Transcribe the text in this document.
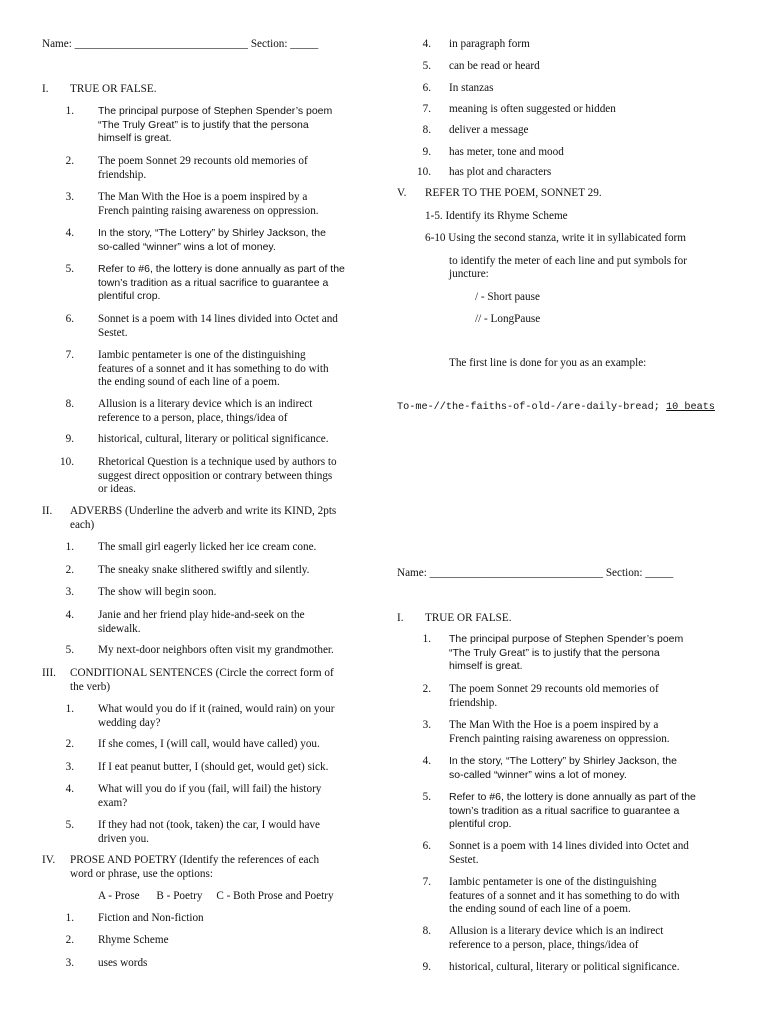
Name: _______________________________ Section: _____
I. TRUE OR FALSE.
1. The principal purpose of Stephen Spender’s poem
“The Truly Great” is to justify that the persona
himself is great.
2. The poem Sonnet 29 recounts old memories of
friendship.
3. The Man With the Hoe is a poem inspired by a
French painting raising awareness on oppression.
4. In the story, “The Lottery” by Shirley Jackson, the
so-called “winner” wins a lot of money.
5. Refer to #6, the lottery is done annually as part of the
town’s tradition as a ritual sacrifice to guarantee a
plentiful crop.
6. Sonnet is a poem with 14 lines divided into Octet and
Sestet.
7. Iambic pentameter is one of the distinguishing
features of a sonnet and it has something to do with
the ending sound of each line of a poem.
8. Allusion is a literary device which is an indirect
reference to a person, place, things/idea of
9. historical, cultural, literary or political significance.
10. Rhetorical Question is a technique used by authors to
suggest direct opposition or contrary between things
or ideas.
II. ADVERBS (Underline the adverb and write its KIND, 2pts
each)
1. The small girl eagerly licked her ice cream cone.
2. The sneaky snake slithered swiftly and silently.
3. The show will begin soon.
4. Janie and her friend play hide-and-seek on the
sidewalk.
5. My next-door neighbors often visit my grandmother.
III. CONDITIONAL SENTENCES (Circle the correct form of
the verb)
1. What would you do if it (rained, would rain) on your
wedding day?
2. If she comes, I (will call, would have called) you.
3. If I eat peanut butter, I (should get, would get) sick.
4. What will you do if you (fail, will fail) the history
exam?
5. If they had not (took, taken) the car, I would have
driven you.
IV. PROSE AND POETRY (Identify the references of each
word or phrase, use the options:
A - Prose      B - Poetry     C - Both Prose and Poetry
1. Fiction and Non-fiction
2. Rhyme Scheme
3. uses words
4. in paragraph form
5. can be read or heard
6. In stanzas
7. meaning is often suggested or hidden
8. deliver a message
9. has meter, tone and mood
10. has plot and characters
V. REFER TO THE POEM, SONNET 29.
1-5. Identify its Rhyme Scheme
6-10 Using the second stanza, write it in syllabicated form
to identify the meter of each line and put symbols for
juncture:
/ - Short pause
// - LongPause
The first line is done for you as an example:
To-me-//the-faiths-of-old-/are-daily-bread; 10 beats
Name: _______________________________ Section: _____
I. TRUE OR FALSE.
1. The principal purpose of Stephen Spender’s poem
“The Truly Great” is to justify that the persona
himself is great.
2. The poem Sonnet 29 recounts old memories of
friendship.
3. The Man With the Hoe is a poem inspired by a
French painting raising awareness on oppression.
4. In the story, “The Lottery” by Shirley Jackson, the
so-called “winner” wins a lot of money.
5. Refer to #6, the lottery is done annually as part of the
town’s tradition as a ritual sacrifice to guarantee a
plentiful crop.
6. Sonnet is a poem with 14 lines divided into Octet and
Sestet.
7. Iambic pentameter is one of the distinguishing
features of a sonnet and it has something to do with
the ending sound of each line of a poem.
8. Allusion is a literary device which is an indirect
reference to a person, place, things/idea of
9. historical, cultural, literary or political significance.
